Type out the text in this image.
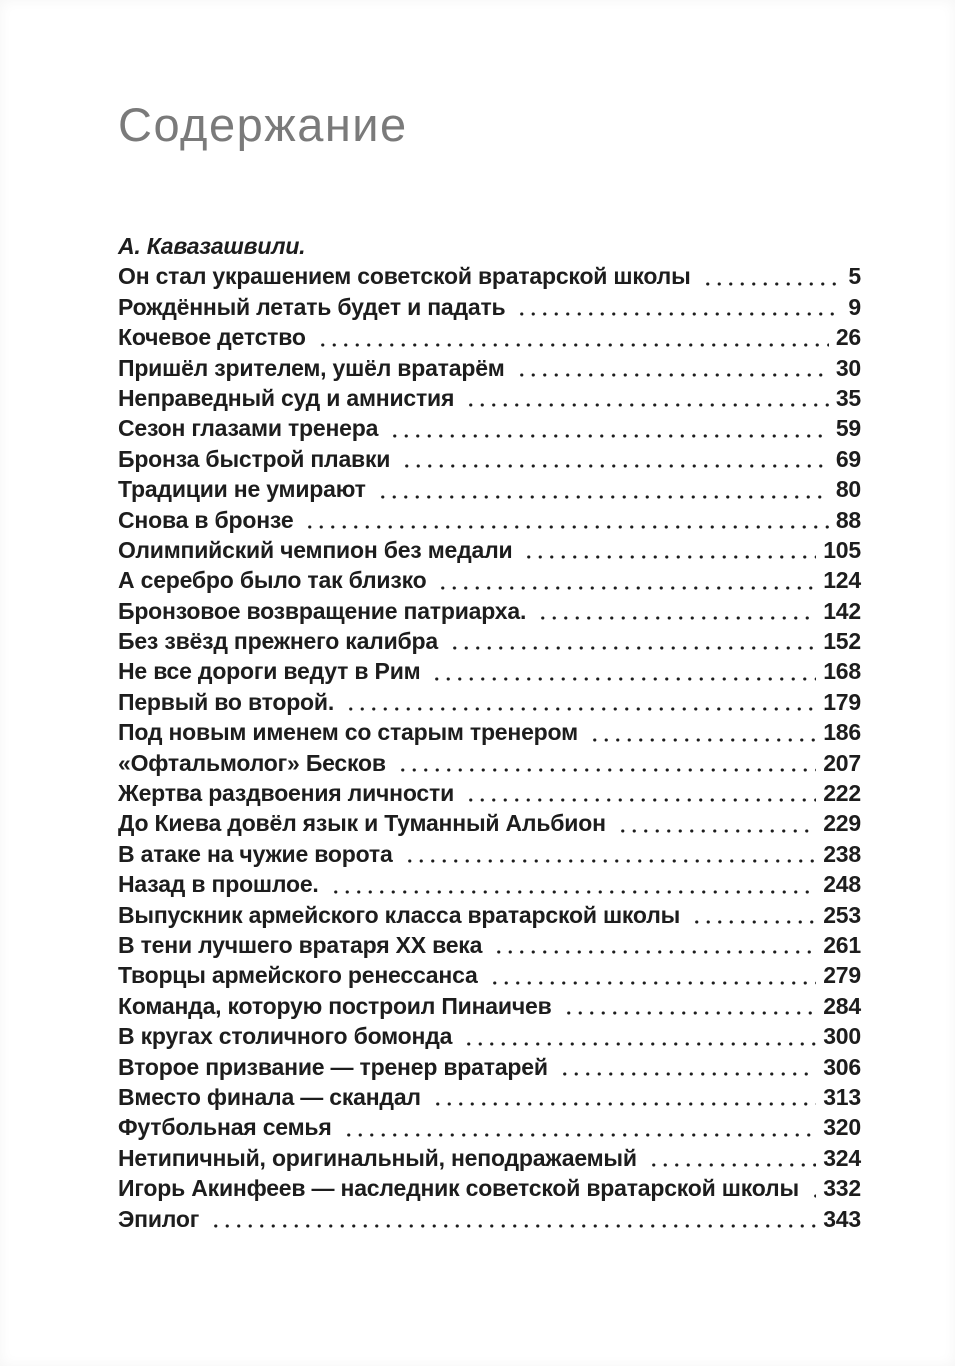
Содержание
А. Кавазашвили.
Он стал украшением советской вратарской школы	5
Рождённый летать будет и падать	9
Кочевое детство	26
Пришёл зрителем, ушёл вратарём	30
Неправедный суд и амнистия	35
Сезон глазами тренера	59
Бронза быстрой плавки	69
Традиции не умирают	80
Снова в бронзе	88
Олимпийский чемпион без медали	105
А серебро было так близко	124
Бронзовое возвращение патриарха.	142
Без звёзд прежнего калибра	152
Не все дороги ведут в Рим	168
Первый во второй.	179
Под новым именем со старым тренером	186
«Офтальмолог» Бесков	207
Жертва раздвоения личности	222
До Киева довёл язык и Туманный Альбион	229
В атаке на чужие ворота	238
Назад в прошлое.	248
Выпускник армейского класса вратарской школы	253
В тени лучшего вратаря XX века	261
Творцы армейского ренессанса	279
Команда, которую построил Пинаичев	284
В кругах столичного бомонда	300
Второе призвание — тренер вратарей	306
Вместо финала — скандал	313
Футбольная семья	320
Нетипичный, оригинальный, неподражаемый	324
Игорь Акинфеев — наследник советской вратарской школы 332
Эпилог	343
